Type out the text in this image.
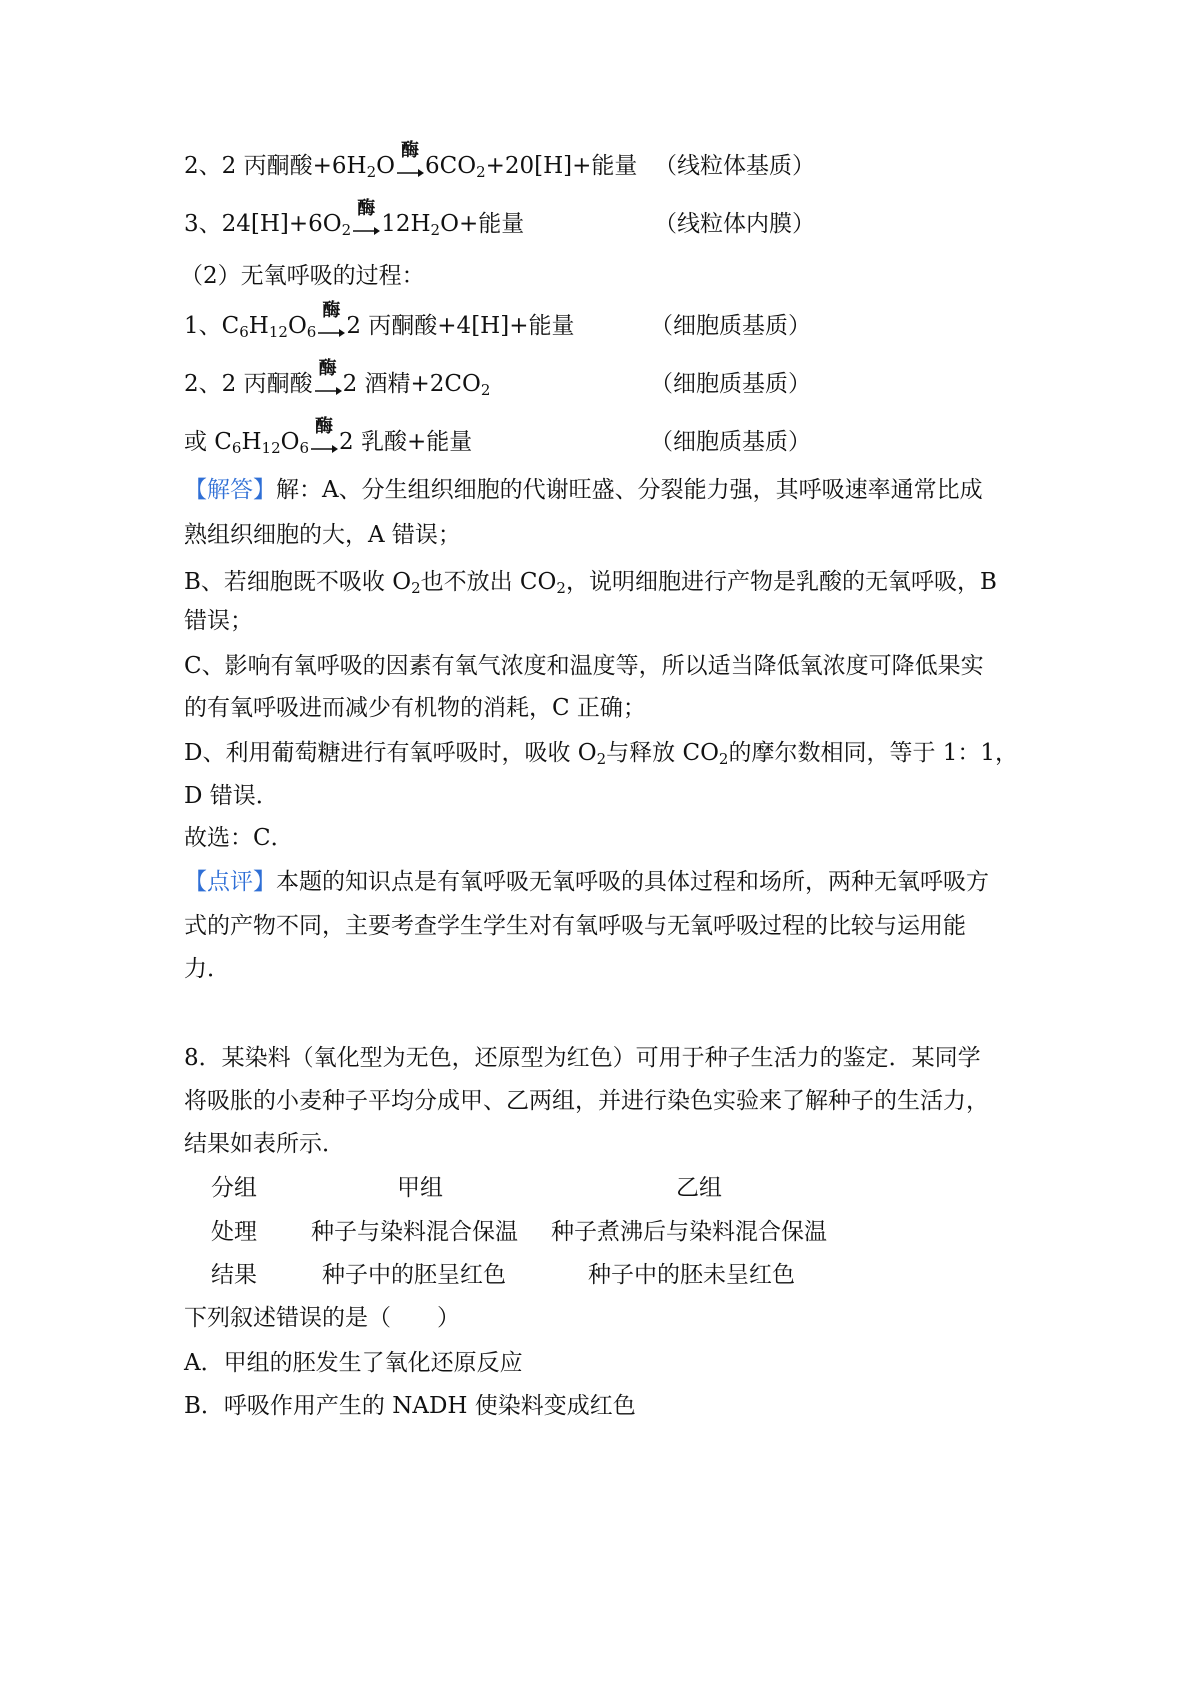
2、2 丙酮酸$+6H_2O$
酶
$6CO_2+20[H]+$能量 （线粒体基质）
3、$24[H]+6O_2$
酶
$12H_2O+$能量	（线粒体内膜）
（2）无氧呼吸的过程：
1、$C_6H_{12}O_6$
酶
2 丙酮酸+4[H]+能量	（细胞质基质）
2、2 丙酮酸
酶
2 酒精$+2CO_2$	（细胞质基质）
或 $C_6H_{12}O_6$
酶
2 乳酸+能量	（细胞质基质）
【解答】解：A、分生组织细胞的代谢旺盛、分裂能力强，其呼吸速率通常比成
熟组织细胞的大，A 错误；
B、若细胞既不吸收 $O_2$也不放出 $CO_2$，说明细胞进行产物是乳酸的无氧呼吸，B
错误；
C、影响有氧呼吸的因素有氧气浓度和温度等，所以适当降低氧浓度可降低果实
的有氧呼吸进而减少有机物的消耗，C 正确；
D、利用葡萄糖进行有氧呼吸时，吸收 $O_2$与释放 $CO_2$的摩尔数相同，等于 1：1，
D 错误．
故选：C．
【点评】本题的知识点是有氧呼吸无氧呼吸的具体过程和场所，两种无氧呼吸方
式的产物不同，主要考查学生学生对有氧呼吸与无氧呼吸过程的比较与运用能
力．
8．某染料（氧化型为无色，还原型为红色）可用于种子生活力的鉴定．某同学
将吸胀的小麦种子平均分成甲、乙两组，并进行染色实验来了解种子的生活力，
结果如表所示．
分组	甲组	乙组
处理 种子与染料混合保温 种子煮沸后与染料混合保温
结果	种子中的胚呈红色	种子中的胚未呈红色
下列叙述错误的是（　　）
A．甲组的胚发生了氧化还原反应
B．呼吸作用产生的 NADH 使染料变成红色
